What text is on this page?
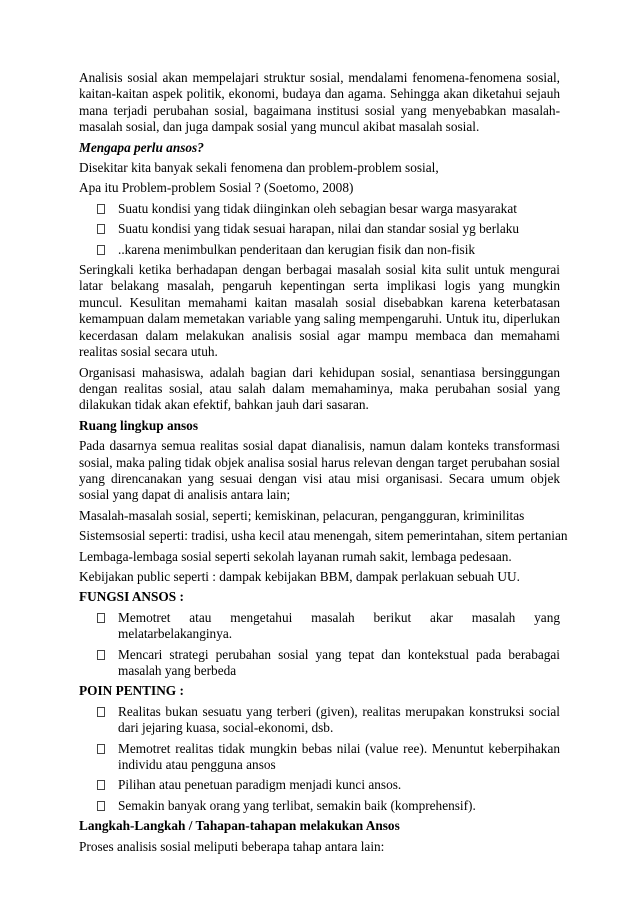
Analisis sosial akan mempelajari struktur sosial, mendalami fenomena-fenomena sosial, kaitan-kaitan aspek politik, ekonomi, budaya dan agama. Sehingga akan diketahui sejauh mana terjadi perubahan sosial, bagaimana institusi sosial yang menyebabkan masalah-masalah sosial, dan juga dampak sosial yang muncul akibat masalah sosial.

Mengapa perlu ansos?

Disekitar kita banyak sekali fenomena dan problem-problem sosial,

Apa itu Problem-problem Sosial ? (Soetomo, 2008)

Suatu kondisi yang tidak diinginkan oleh sebagian besar warga masyarakat
Suatu kondisi yang tidak sesuai harapan, nilai dan standar sosial yg berlaku
..karena menimbulkan penderitaan dan kerugian fisik dan non-fisik

Seringkali ketika berhadapan dengan berbagai masalah sosial kita sulit untuk mengurai latar belakang masalah, pengaruh kepentingan serta implikasi logis yang mungkin muncul. Kesulitan memahami kaitan masalah sosial disebabkan karena keterbatasan kemampuan dalam memetakan variable yang saling mempengaruhi. Untuk itu, diperlukan kecerdasan dalam melakukan analisis sosial agar mampu membaca dan memahami realitas sosial secara utuh.

Organisasi mahasiswa, adalah bagian dari kehidupan sosial, senantiasa bersinggungan dengan realitas sosial, atau salah dalam memahaminya, maka perubahan sosial yang dilakukan tidak akan efektif, bahkan jauh dari sasaran.

Ruang lingkup ansos

Pada dasarnya semua realitas sosial dapat dianalisis, namun dalam konteks transformasi sosial, maka paling tidak objek analisa sosial harus relevan dengan target perubahan sosial yang direncanakan yang sesuai dengan visi atau misi organisasi. Secara umum objek sosial yang dapat di analisis antara lain;

Masalah-masalah sosial, seperti; kemiskinan, pelacuran, pengangguran, kriminilitas

Sistemsosial seperti: tradisi, usha kecil atau menengah, sitem pemerintahan, sitem pertanian

Lembaga-lembaga sosial seperti sekolah layanan rumah sakit, lembaga pedesaan.

Kebijakan public seperti : dampak kebijakan BBM, dampak perlakuan sebuah UU.

FUNGSI ANSOS :

Memotret atau mengetahui masalah berikut akar masalah yang melatarbelakanginya.
Mencari strategi perubahan sosial yang tepat dan kontekstual pada berabagai masalah yang berbeda

POIN PENTING :

Realitas bukan sesuatu yang terberi (given), realitas merupakan konstruksi social dari jejaring kuasa, social-ekonomi, dsb.
Memotret realitas tidak mungkin bebas nilai (value ree). Menuntut keberpihakan individu atau pengguna ansos
Pilihan atau penetuan paradigm menjadi kunci ansos.
Semakin banyak orang yang terlibat, semakin baik (komprehensif).

Langkah-Langkah / Tahapan-tahapan melakukan Ansos

Proses analisis sosial meliputi beberapa tahap antara lain:
